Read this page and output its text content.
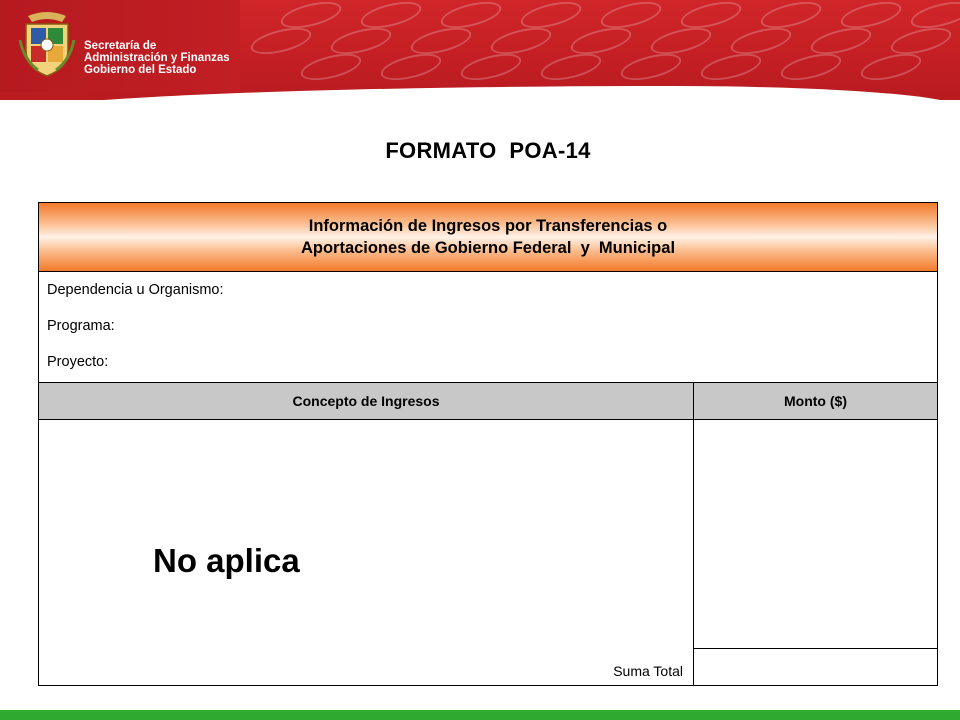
Secretaría de
Administración y Finanzas
Gobierno del Estado
FORMATO  POA-14
Información de Ingresos por Transferencias o
Aportaciones de Gobierno Federal  y  Municipal
Dependencia u Organismo:
Programa:
Proyecto:
Concepto de Ingresos	Monto ($)
No aplica
Suma Total
